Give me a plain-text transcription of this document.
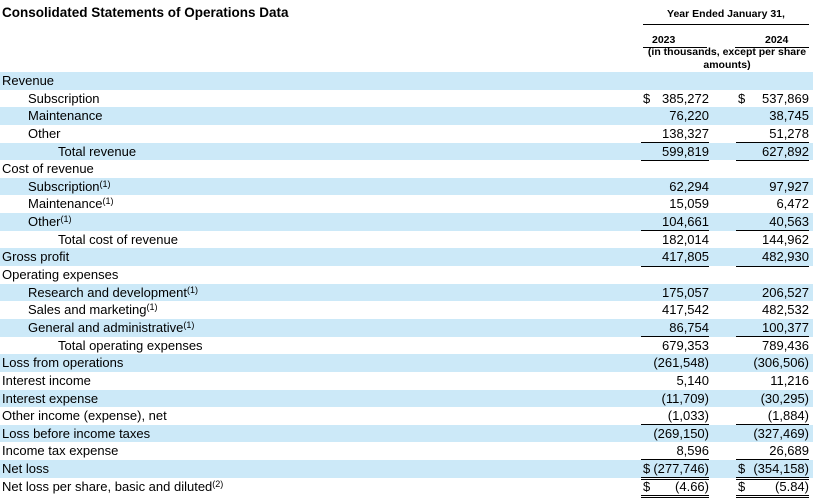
Consolidated Statements of Operations Data	Year Ended January 31,
2023	2024
(in thousands, except per share amounts)
Revenue
Subscription	$ 385,272 $ 537,869
Maintenance	76,220	38,745
Other	138,327	51,278
Total revenue	599,819	627,892
Cost of revenue
Subscription$^{(1)}$	62,294	97,927
Maintenance$^{(1)}$	15,059	6,472
Other$^{(1)}$	104,661	40,563
Total cost of revenue	182,014	144,962
Gross profit	417,805	482,930
Operating expenses
Research and development$^{(1)}$	175,057	206,527
Sales and marketing$^{(1)}$	417,542	482,532
General and administrative$^{(1)}$	86,754	100,377
Total operating expenses	679,353	789,436
Loss from operations	(261,548)	(306,506)
Interest income	5,140	11,216
Interest expense	(11,709)	(30,295)
Other income (expense), net	(1,033)	(1,884)
Loss before income taxes	(269,150)	(327,469)
Income tax expense	8,596	26,689
Net loss	$ (277,746) $ (354,158)
Net loss per share, basic and diluted$^{(2)}$	$ (4.66) $ (5.84)
